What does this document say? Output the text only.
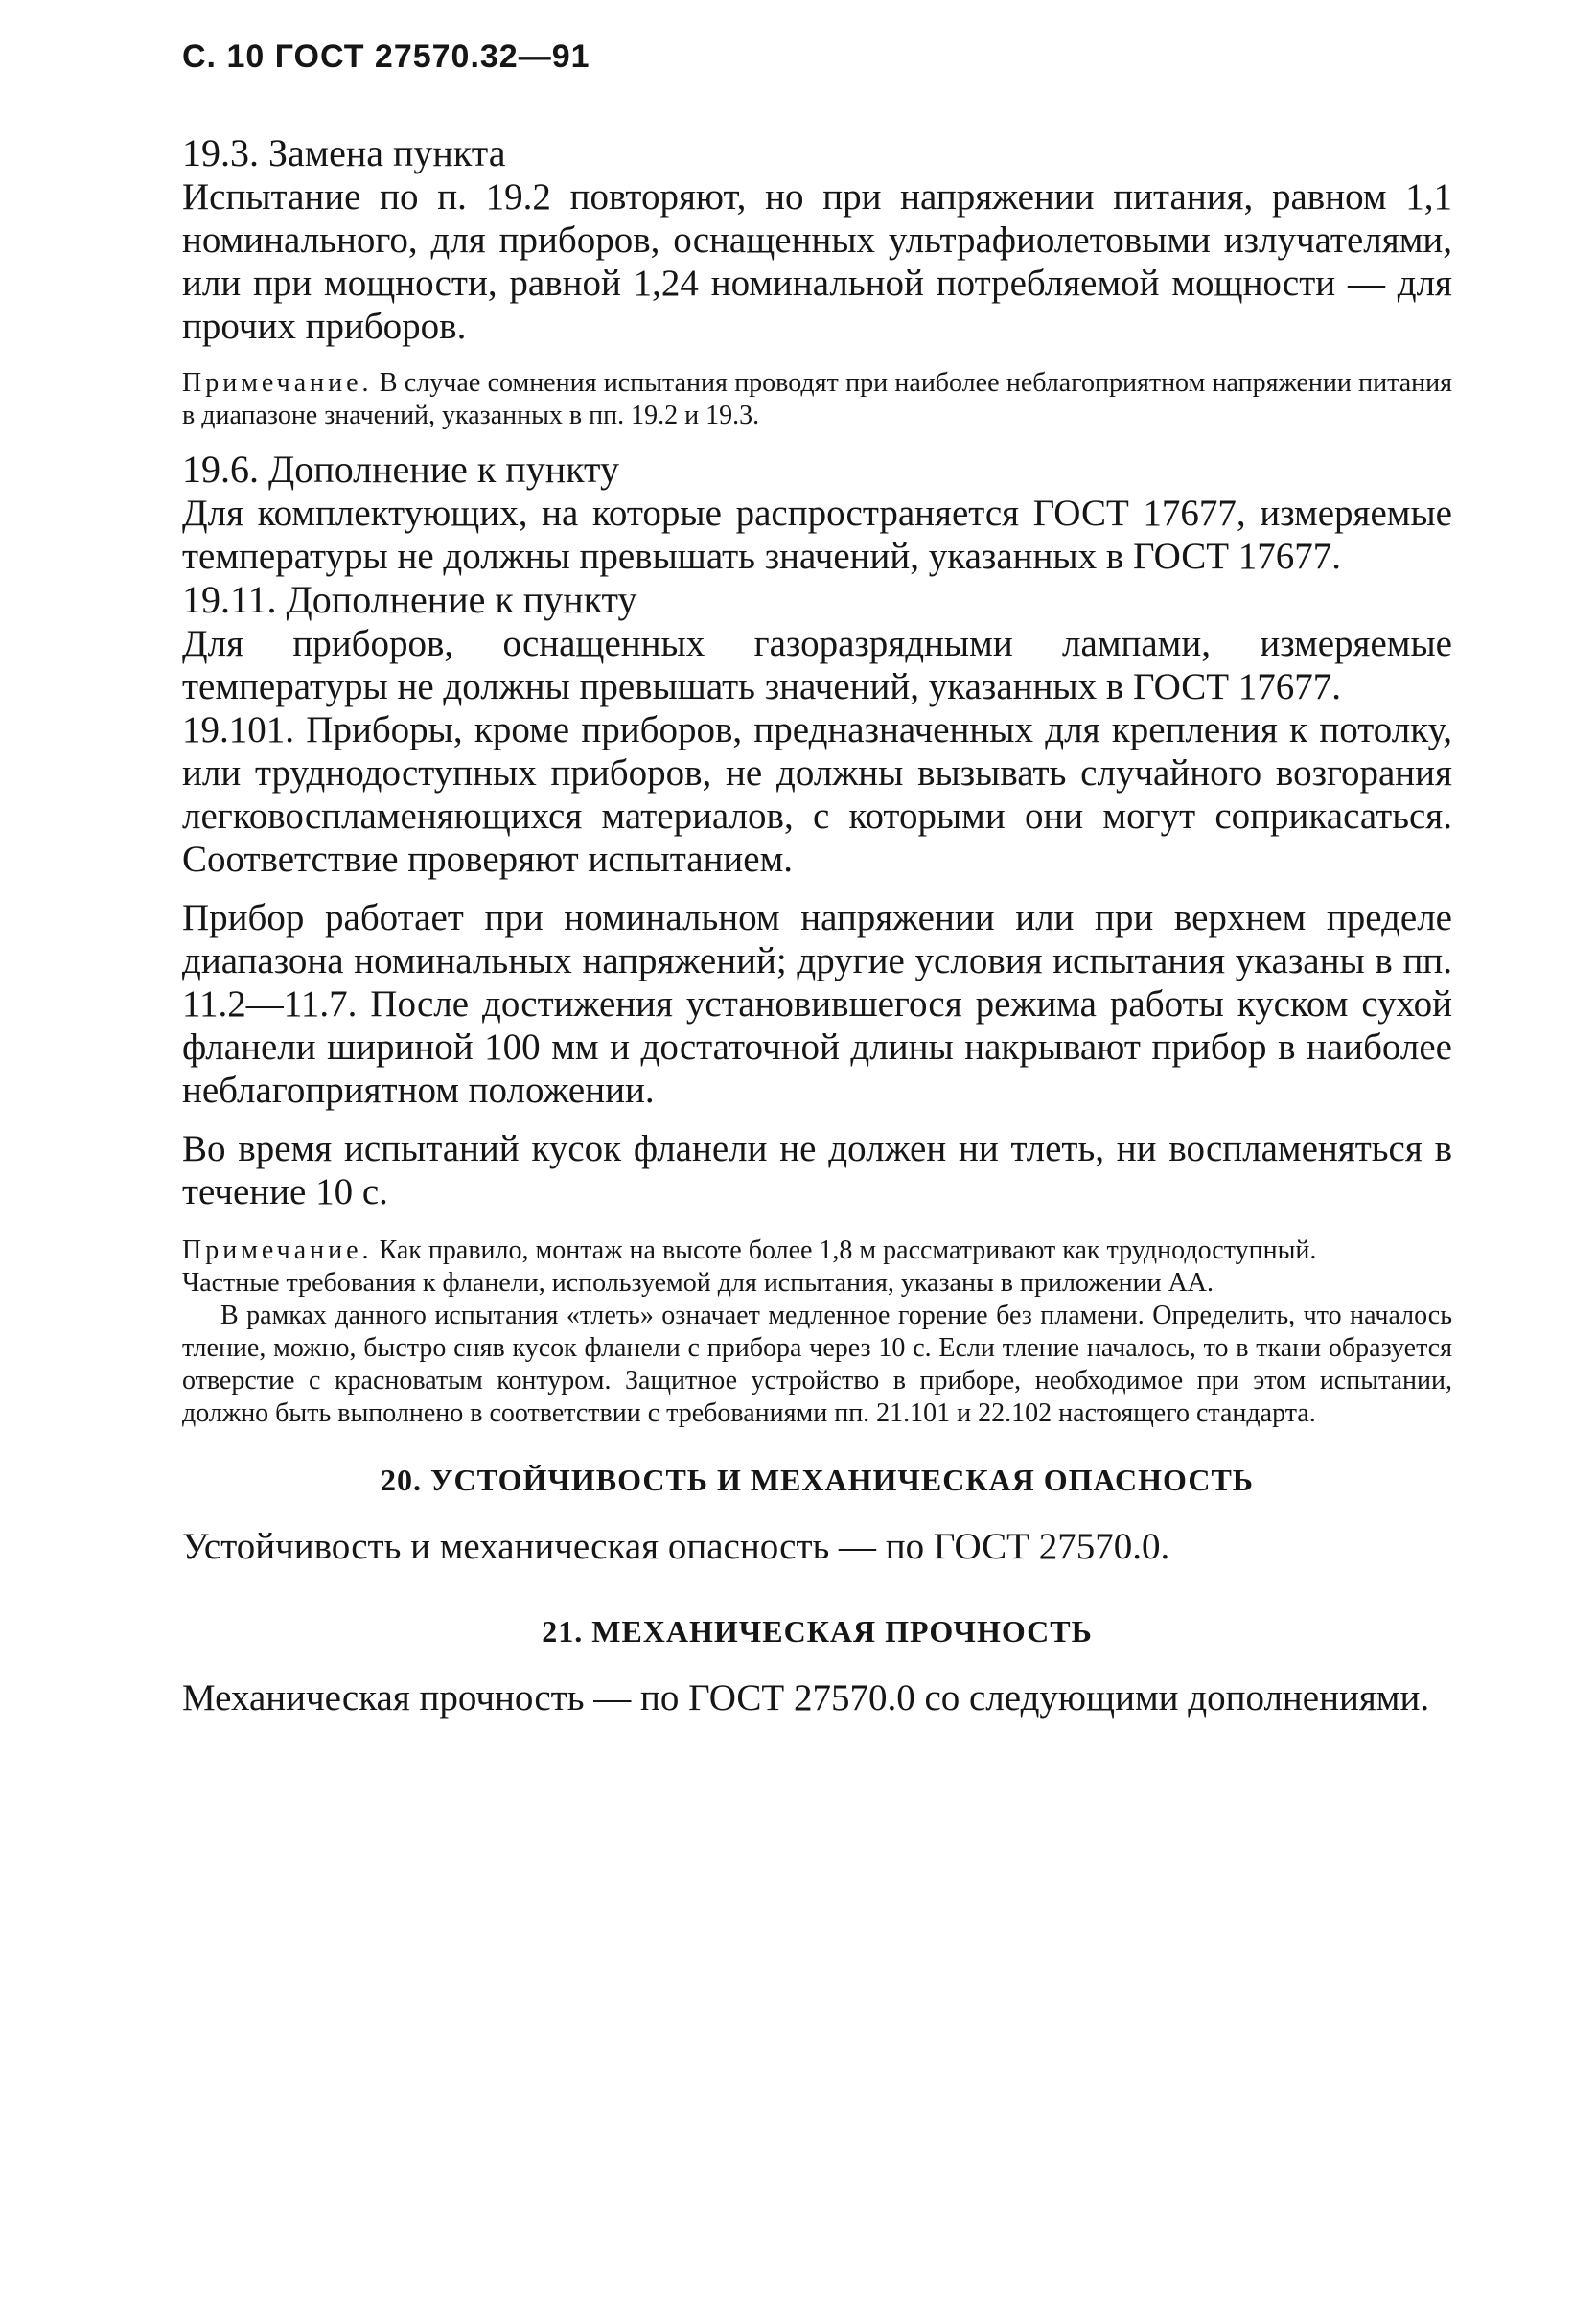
С. 10 ГОСТ 27570.32—91

19.3. Замена пункта

Испытание по п. 19.2 повторяют, но при напряжении питания, равном 1,1 номинального, для приборов, оснащенных ультрафиолетовыми излучателями, или при мощности, равной 1,24 номинальной потребляемой мощности — для прочих приборов.

Примечание. В случае сомнения испытания проводят при наиболее неблагоприятном напряжении питания в диапазоне значений, указанных в пп. 19.2 и 19.3.

19.6. Дополнение к пункту

Для комплектующих, на которые распространяется ГОСТ 17677, измеряемые температуры не должны превышать значений, указанных в ГОСТ 17677.

19.11. Дополнение к пункту

Для приборов, оснащенных газоразрядными лампами, измеряемые температуры не должны превышать значений, указанных в ГОСТ 17677.

19.101. Приборы, кроме приборов, предназначенных для крепления к потолку, или труднодоступных приборов, не должны вызывать случайного возгорания легковоспламеняющихся материалов, с которыми они могут соприкасаться. Соответствие проверяют испытанием.

Прибор работает при номинальном напряжении или при верхнем пределе диапазона номинальных напряжений; другие условия испытания указаны в пп. 11.2—11.7. После достижения установившегося режима работы куском сухой фланели шириной 100 мм и достаточной длины накрывают прибор в наиболее неблагоприятном положении.

Во время испытаний кусок фланели не должен ни тлеть, ни воспламеняться в течение 10 с.

Примечание. Как правило, монтаж на высоте более 1,8 м рассматривают как труднодоступный.

Частные требования к фланели, используемой для испытания, указаны в приложении АА.

В рамках данного испытания «тлеть» означает медленное горение без пламени. Определить, что началось тление, можно, быстро сняв кусок фланели с прибора через 10 с. Если тление началось, то в ткани образуется отверстие с красноватым контуром. Защитное устройство в приборе, необходимое при этом испытании, должно быть выполнено в соответствии с требованиями пп. 21.101 и 22.102 настоящего стандарта.

20. УСТОЙЧИВОСТЬ И МЕХАНИЧЕСКАЯ ОПАСНОСТЬ

Устойчивость и механическая опасность — по ГОСТ 27570.0.

21. МЕХАНИЧЕСКАЯ ПРОЧНОСТЬ

Механическая прочность — по ГОСТ 27570.0 со следующими дополнениями.
